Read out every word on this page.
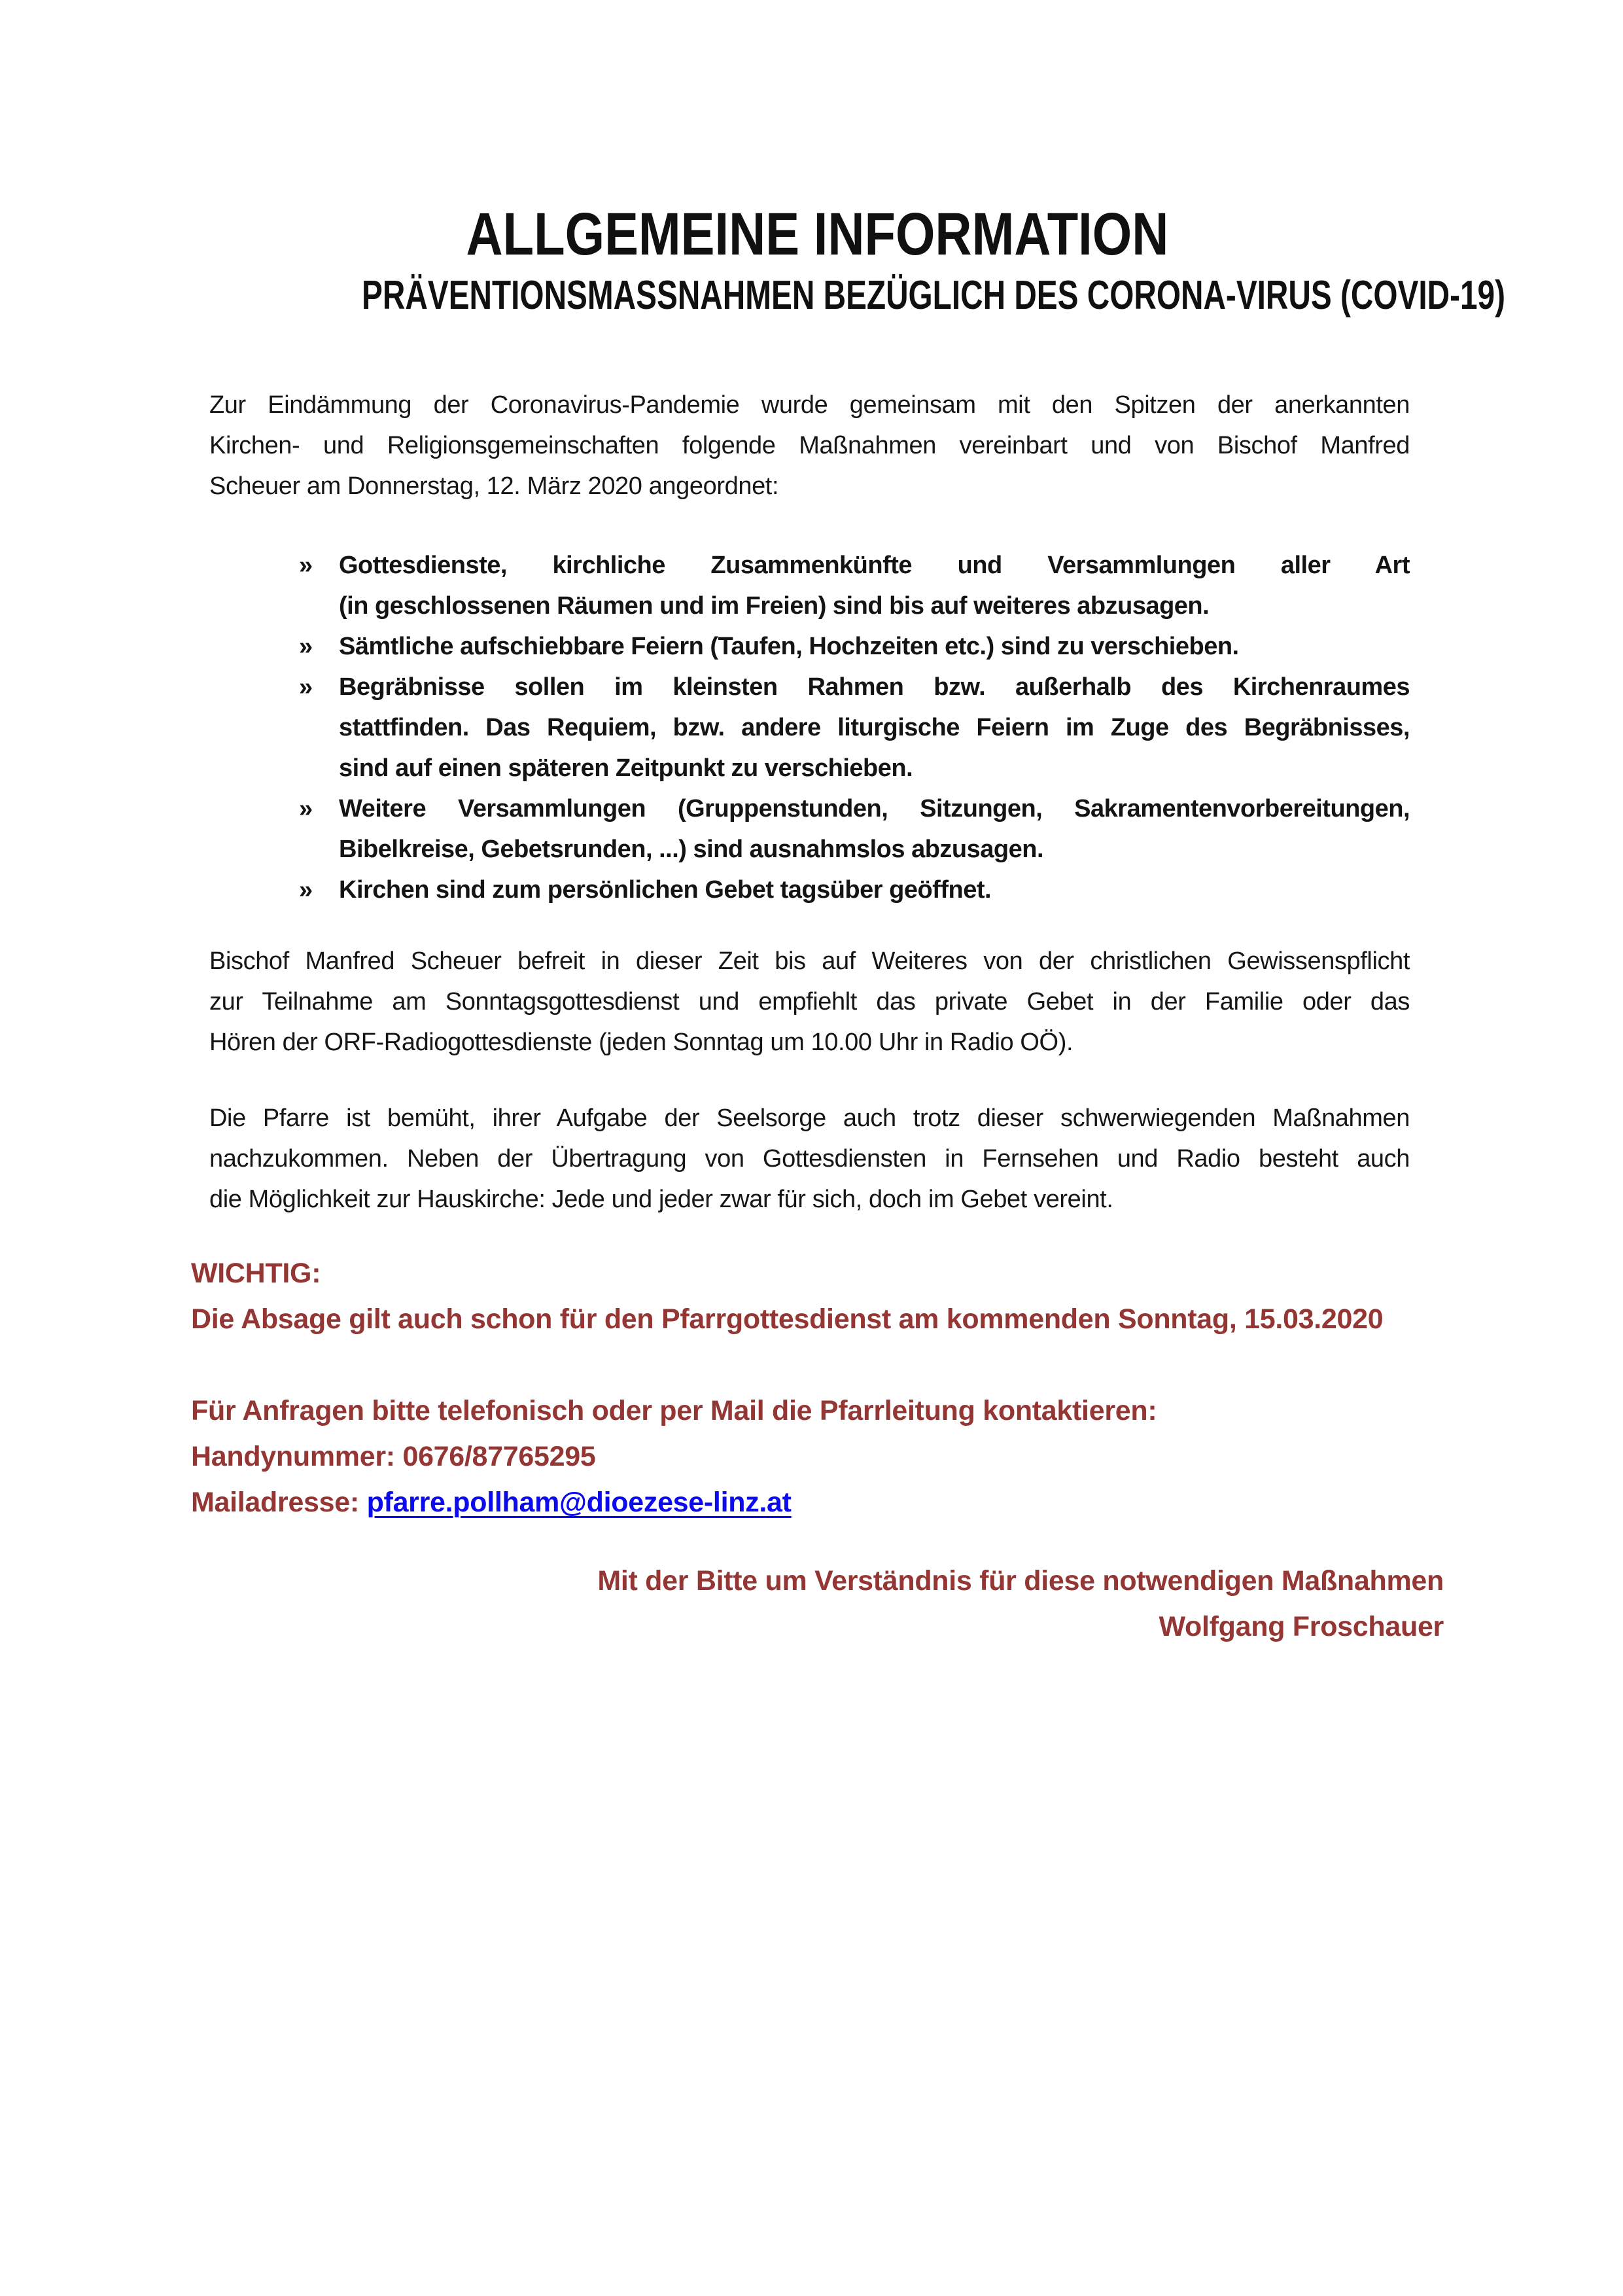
ALLGEMEINE INFORMATION
PRÄVENTIONSMASSNAHMEN BEZÜGLICH DES CORONA-VIRUS (COVID-19)
Zur Eindämmung der Coronavirus-Pandemie wurde gemeinsam mit den Spitzen der anerkannten
Kirchen- und Religionsgemeinschaften folgende Maßnahmen vereinbart und von Bischof Manfred
Scheuer am Donnerstag, 12. März 2020 angeordnet:
» Gottesdienste, kirchliche Zusammenkünfte und Versammlungen aller Art
(in geschlossenen Räumen und im Freien) sind bis auf weiteres abzusagen.
» Sämtliche aufschiebbare Feiern (Taufen, Hochzeiten etc.) sind zu verschieben.
» Begräbnisse sollen im kleinsten Rahmen bzw. außerhalb des Kirchenraumes
stattfinden. Das Requiem, bzw. andere liturgische Feiern im Zuge des Begräbnisses,
sind auf einen späteren Zeitpunkt zu verschieben.
» Weitere Versammlungen (Gruppenstunden, Sitzungen, Sakramentenvorbereitungen,
Bibelkreise, Gebetsrunden, ...) sind ausnahmslos abzusagen.
» Kirchen sind zum persönlichen Gebet tagsüber geöffnet.
Bischof Manfred Scheuer befreit in dieser Zeit bis auf Weiteres von der christlichen Gewissenspflicht
zur Teilnahme am Sonntagsgottesdienst und empfiehlt das private Gebet in der Familie oder das
Hören der ORF-Radiogottesdienste (jeden Sonntag um 10.00 Uhr in Radio OÖ).
Die Pfarre ist bemüht, ihrer Aufgabe der Seelsorge auch trotz dieser schwerwiegenden Maßnahmen
nachzukommen. Neben der Übertragung von Gottesdiensten in Fernsehen und Radio besteht auch
die Möglichkeit zur Hauskirche: Jede und jeder zwar für sich, doch im Gebet vereint.
WICHTIG:
Die Absage gilt auch schon für den Pfarrgottesdienst am kommenden Sonntag, 15.03.2020
Für Anfragen bitte telefonisch oder per Mail die Pfarrleitung kontaktieren:
Handynummer: 0676/87765295
Mailadresse: pfarre.pollham@dioezese-linz.at
Mit der Bitte um Verständnis für diese notwendigen Maßnahmen
Wolfgang Froschauer
